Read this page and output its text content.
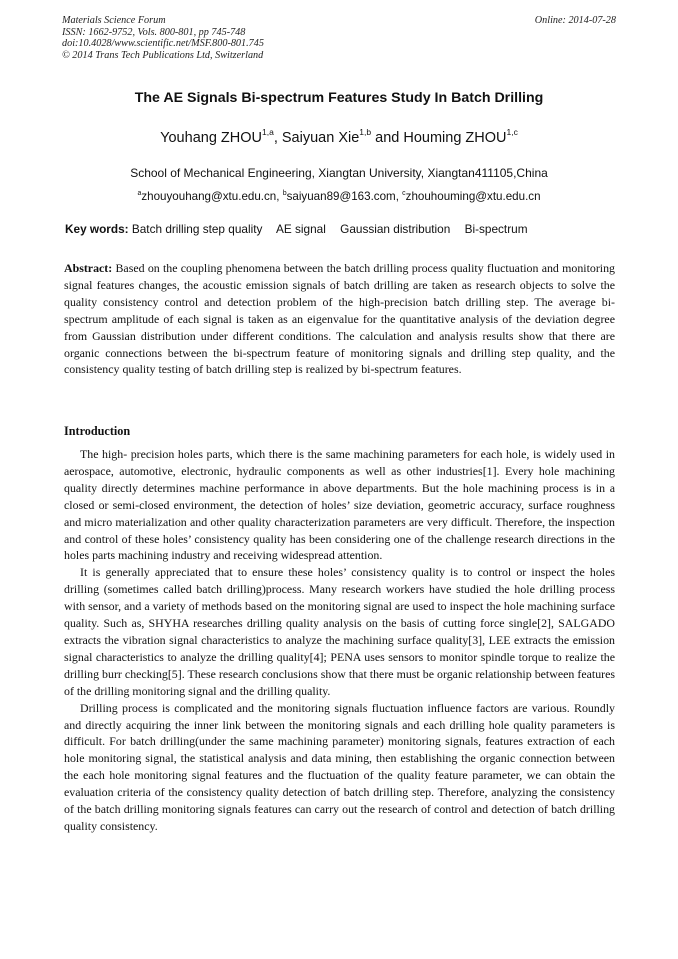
Materials Science Forum	Online: 2014-07-28
ISSN: 1662-9752, Vols. 800-801, pp 745-748
doi:10.4028/www.scientific.net/MSF.800-801.745
© 2014 Trans Tech Publications Ltd, Switzerland
The AE Signals Bi-spectrum Features Study In Batch Drilling
Youhang ZHOU$^{1,a}$, Saiyuan Xie$^{1,b}$ and Houming ZHOU$^{1,c}$
School of Mechanical Engineering, Xiangtan University, Xiangtan411105,China
$^a$zhouyouhang@xtu.edu.cn, $^b$saiyuan89@163.com, $^c$zhouhouming@xtu.edu.cn
Key words: Batch drilling step quality AE signal Gaussian distribution Bi-spectrum
Abstract: Based on the coupling phenomena between the batch drilling process quality fluctuation and monitoring signal features changes, the acoustic emission signals of batch drilling are taken as research objects to solve the quality consistency control and detection problem of the high-precision batch drilling step. The average bi-spectrum amplitude of each signal is taken as an eigenvalue for the quantitative analysis of the deviation degree from Gaussian distribution under different conditions. The calculation and analysis results show that there are organic connections between the bi-spectrum feature of monitoring signals and drilling step quality, and the consistency quality testing of batch drilling step is realized by bi-spectrum features.
Introduction

The high- precision holes parts, which there is the same machining parameters for each hole, is widely used in aerospace, automotive, electronic, hydraulic components as well as other industries[1]. Every hole machining quality directly determines machine performance in above departments. But the hole machining process is in a closed or semi-closed environment, the detection of holes’ size deviation, geometric accuracy, surface roughness and micro materialization and other quality characterization parameters are very difficult. Therefore, the inspection and control of these holes’ consistency quality has been considering one of the challenge research directions in the holes parts machining industry and receiving widespread attention.

It is generally appreciated that to ensure these holes’ consistency quality is to control or inspect the holes drilling (sometimes called batch drilling)process. Many research workers have studied the hole drilling process with sensor, and a variety of methods based on the monitoring signal are used to inspect the hole machining surface quality. Such as, SHYHA researches drilling quality analysis on the basis of cutting force single[2], SALGADO extracts the vibration signal characteristics to analyze the machining surface quality[3], LEE extracts the emission signal characteristics to analyze the drilling quality[4]; PENA uses sensors to monitor spindle torque to realize the drilling burr checking[5]. These research conclusions show that there must be organic relationship between features of the drilling monitoring signal and the drilling quality.

Drilling process is complicated and the monitoring signals fluctuation influence factors are various. Roundly and directly acquiring the inner link between the monitoring signals and each drilling hole quality parameters is difficult. For batch drilling(under the same machining parameter) monitoring signals, features extraction of each hole monitoring signal, the statistical analysis and data mining, then establishing the organic connection between the each hole monitoring signal features and the fluctuation of the quality feature parameter, we can obtain the evaluation criteria of the consistency quality detection of batch drilling step. Therefore, analyzing the consistency of the batch drilling monitoring signals features can carry out the research of control and detection of batch drilling quality consistency.
